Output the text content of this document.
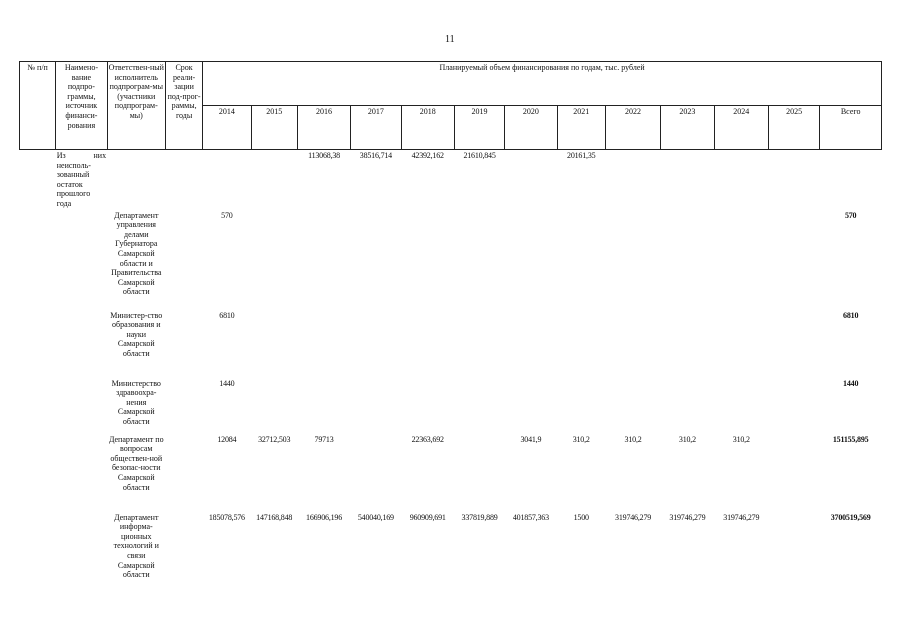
11
№ п/п	Наимено-вание подпро-граммы, источник финанси-рования	Ответствен-ный исполнитель подпрограм-мы (участники подпрограм-мы)	Срок реали-зации под-прог-раммы, годы	Планируемый объем финансирования по годам, тыс. рублей												
				2014	2015	2016	2017	2018	2019	2020	2021	2022	2023	2024	2025	Всего
	Из них неисполь-зованный остаток прошлого года					113068,38	38516,714	42392,162	21610,845		20161,35					
		Департамент управления делами Губернатора Самарской области и Правительства Самарской области		570												570
		Министер-ство образования и науки Самарской области		6810												6810
		Министерство здравоохра-нения Самарской области		1440												1440
		Департамент по вопросам обществен-ной безопас-ности Самарской области		12084	32712,503	79713		22363,692		3041,9	310,2	310,2	310,2	310,2		151155,895
		Департамент информа-ционных технологий и связи Самарской области		185078,576	147168,848	166906,196	540040,169	960909,691	337819,889	401857,363	1500	319746,279	319746,279	319746,279		3700519,569
